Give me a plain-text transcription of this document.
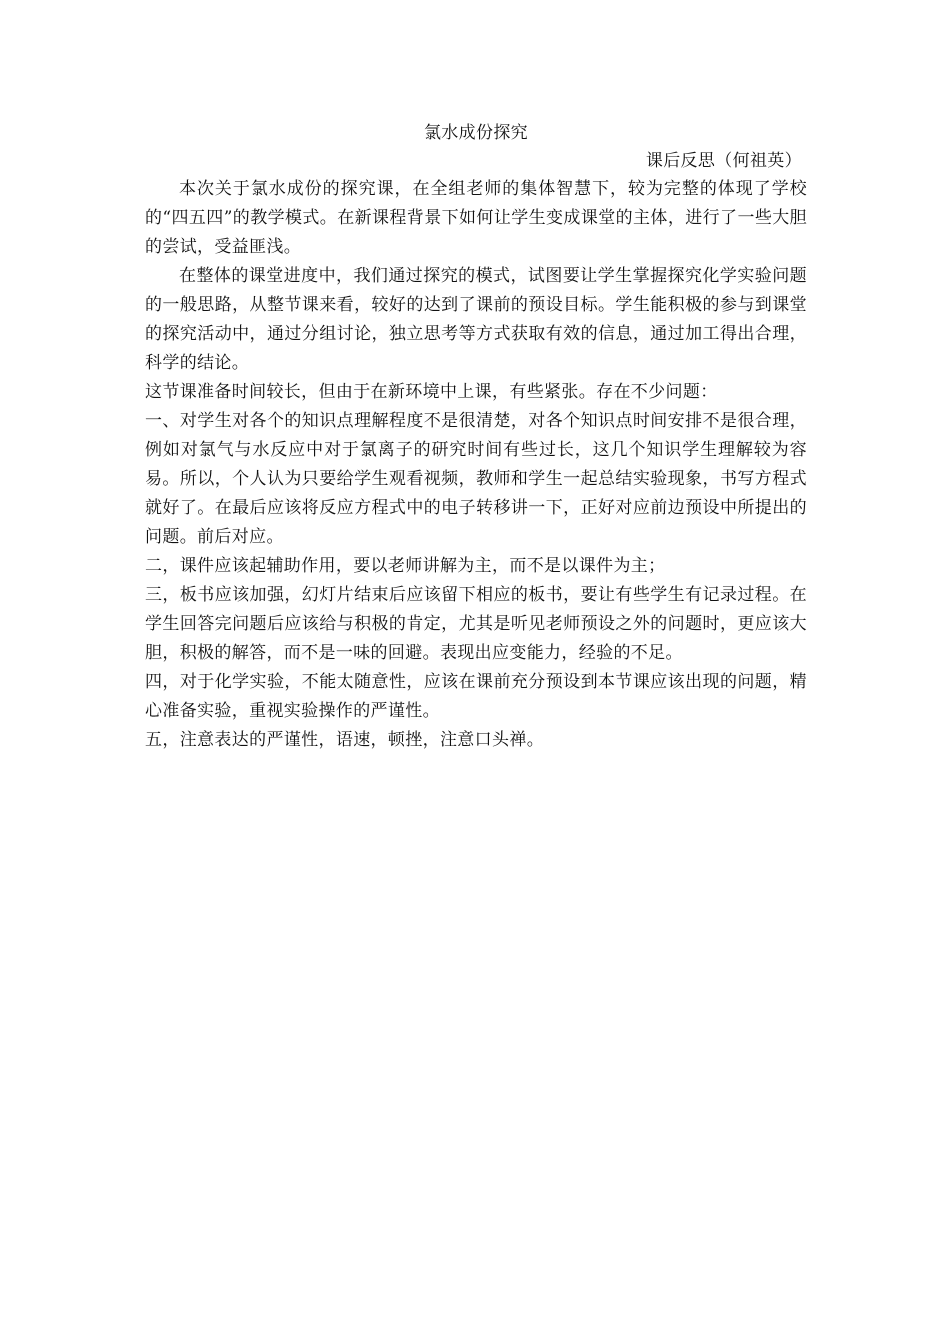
氯水成份探究

课后反思（何祖英）

本次关于氯水成份的探究课，在全组老师的集体智慧下，较为完整的体现了学校的“四五四”的教学模式。在新课程背景下如何让学生变成课堂的主体，进行了一些大胆的尝试，受益匪浅。

在整体的课堂进度中，我们通过探究的模式，试图要让学生掌握探究化学实验问题的一般思路，从整节课来看，较好的达到了课前的预设目标。学生能积极的参与到课堂的探究活动中，通过分组讨论，独立思考等方式获取有效的信息，通过加工得出合理，科学的结论。

这节课准备时间较长，但由于在新环境中上课，有些紧张。存在不少问题：

一、对学生对各个的知识点理解程度不是很清楚，对各个知识点时间安排不是很合理，例如对氯气与水反应中对于氯离子的研究时间有些过长，这几个知识学生理解较为容易。所以，个人认为只要给学生观看视频，教师和学生一起总结实验现象，书写方程式就好了。在最后应该将反应方程式中的电子转移讲一下，正好对应前边预设中所提出的问题。前后对应。

二，课件应该起辅助作用，要以老师讲解为主，而不是以课件为主；

三，板书应该加强，幻灯片结束后应该留下相应的板书，要让有些学生有记录过程。在学生回答完问题后应该给与积极的肯定，尤其是听见老师预设之外的问题时，更应该大胆，积极的解答，而不是一味的回避。表现出应变能力，经验的不足。

四，对于化学实验，不能太随意性，应该在课前充分预设到本节课应该出现的问题，精心准备实验，重视实验操作的严谨性。

五，注意表达的严谨性，语速，顿挫，注意口头禅。
